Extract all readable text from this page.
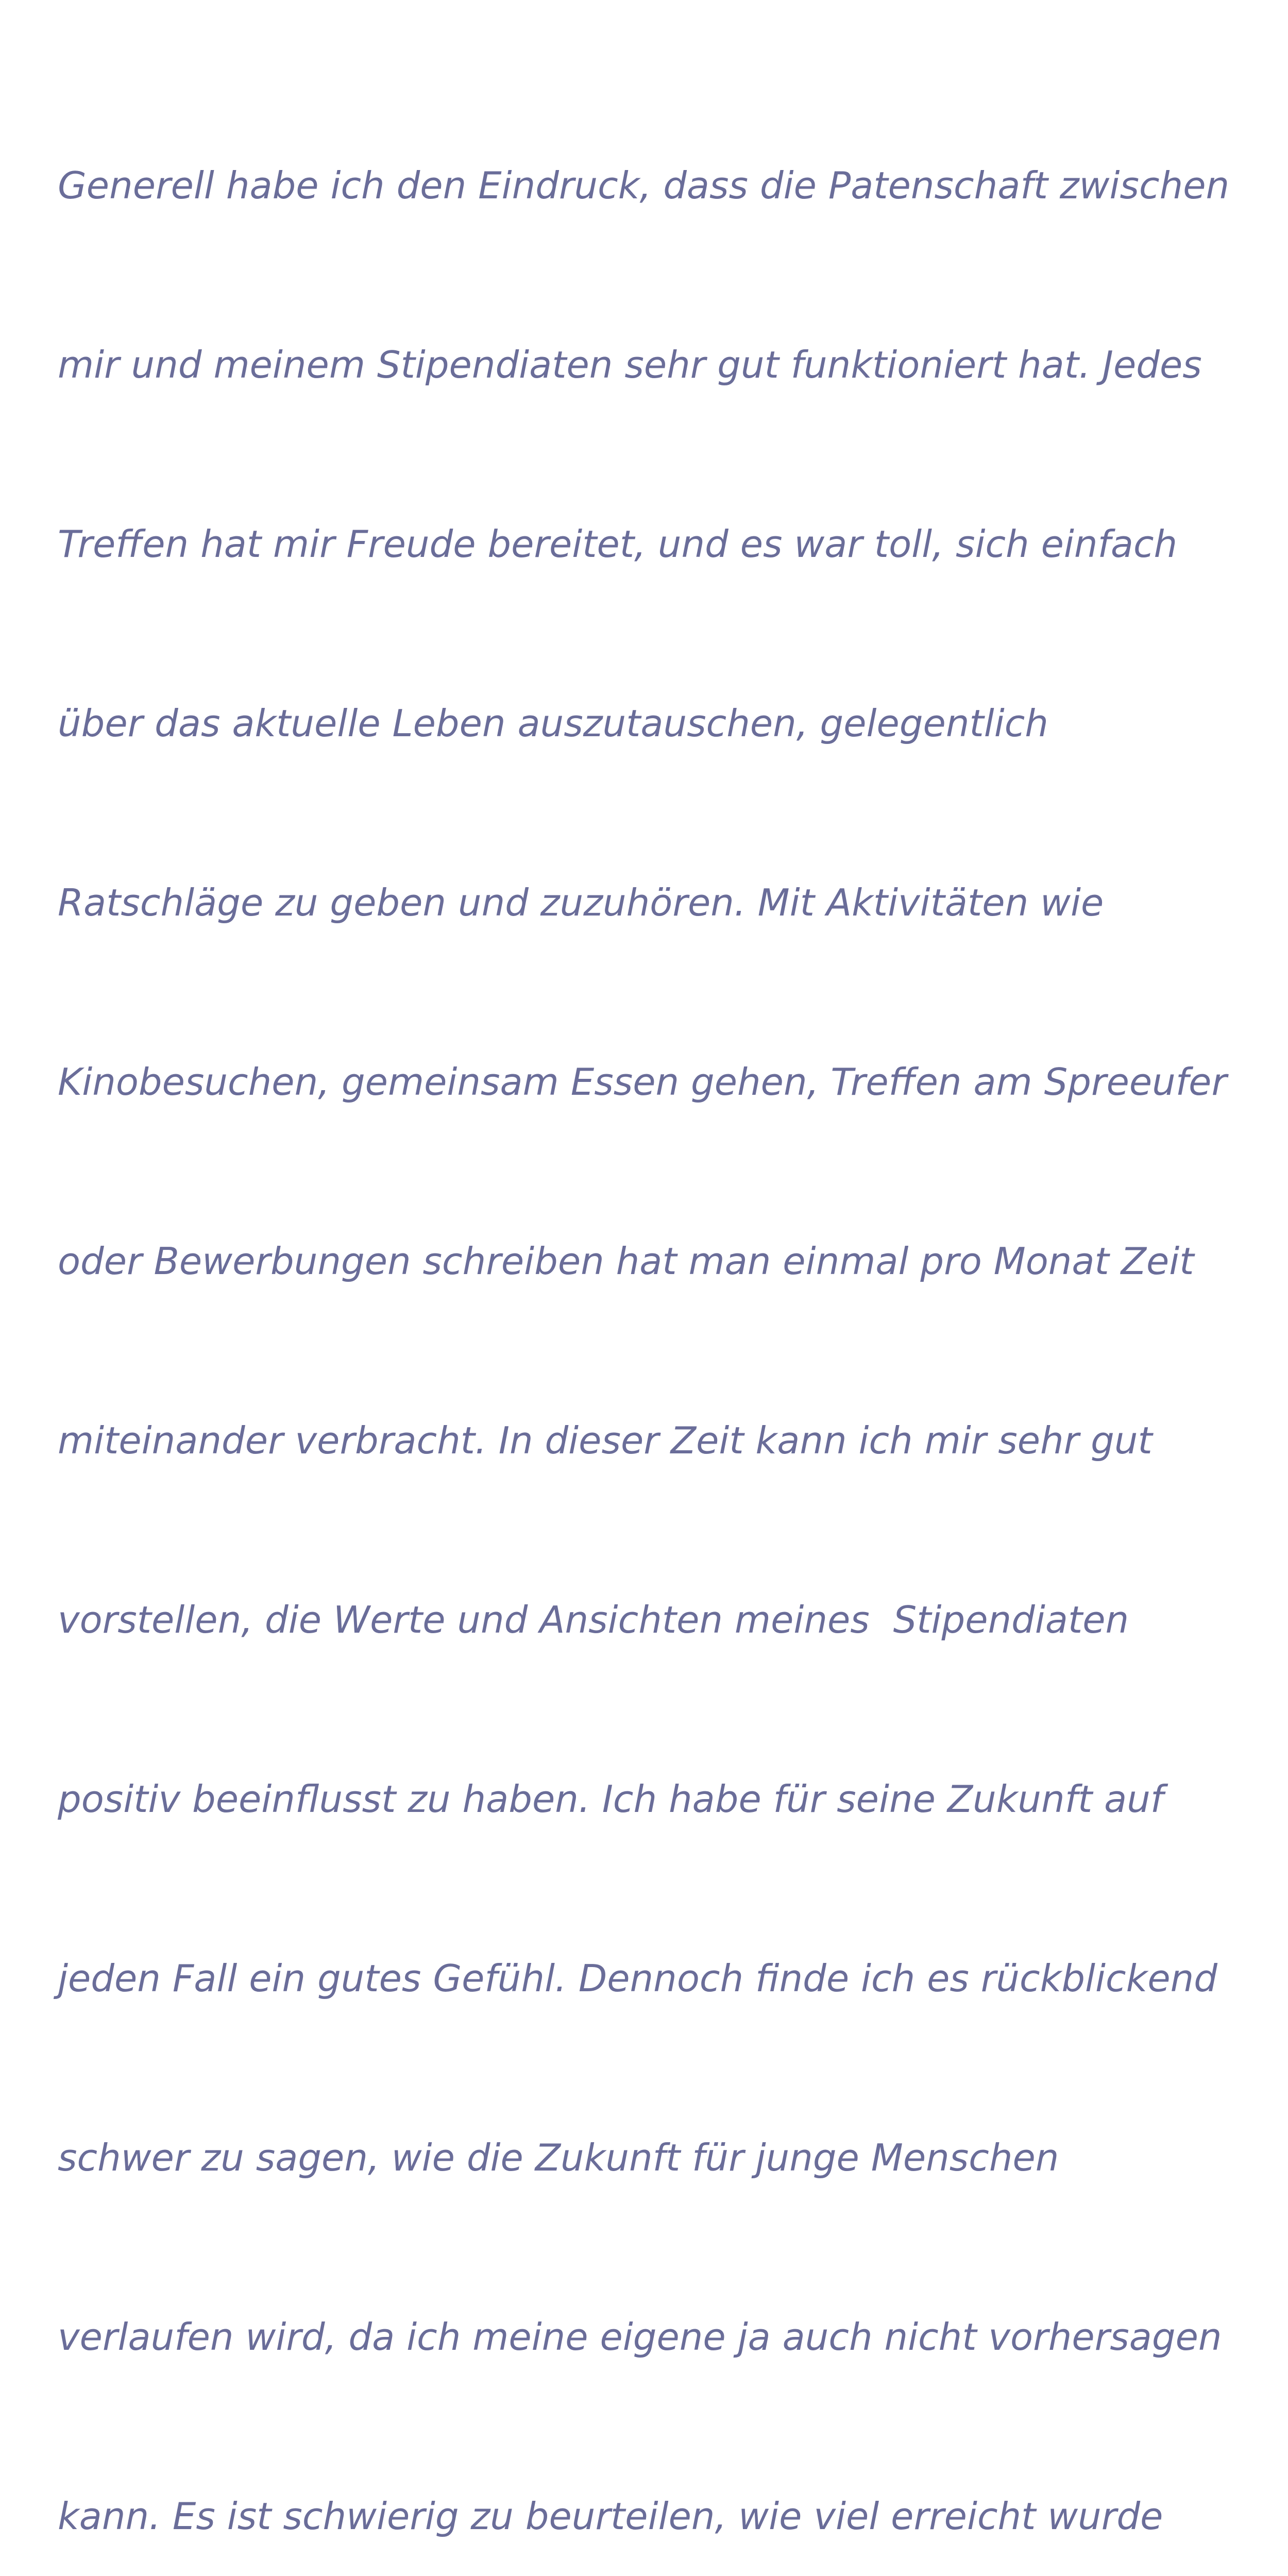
Generell habe ich den Eindruck, dass die Patenschaft zwischen

mir und meinem Stipendiaten sehr gut funktioniert hat. Jedes

Treffen hat mir Freude bereitet, und es war toll, sich einfach

über das aktuelle Leben auszutauschen, gelegentlich

Ratschläge zu geben und zuzuhören. Mit Aktivitäten wie

Kinobesuchen, gemeinsam Essen gehen, Treffen am Spreeufer

oder Bewerbungen schreiben hat man einmal pro Monat Zeit

miteinander verbracht. In dieser Zeit kann ich mir sehr gut

vorstellen, die Werte und Ansichten meines  Stipendiaten

positiv beeinflusst zu haben. Ich habe für seine Zukunft auf

jeden Fall ein gutes Gefühl. Dennoch finde ich es rückblickend

schwer zu sagen, wie die Zukunft für junge Menschen

verlaufen wird, da ich meine eigene ja auch nicht vorhersagen

kann. Es ist schwierig zu beurteilen, wie viel erreicht wurde
